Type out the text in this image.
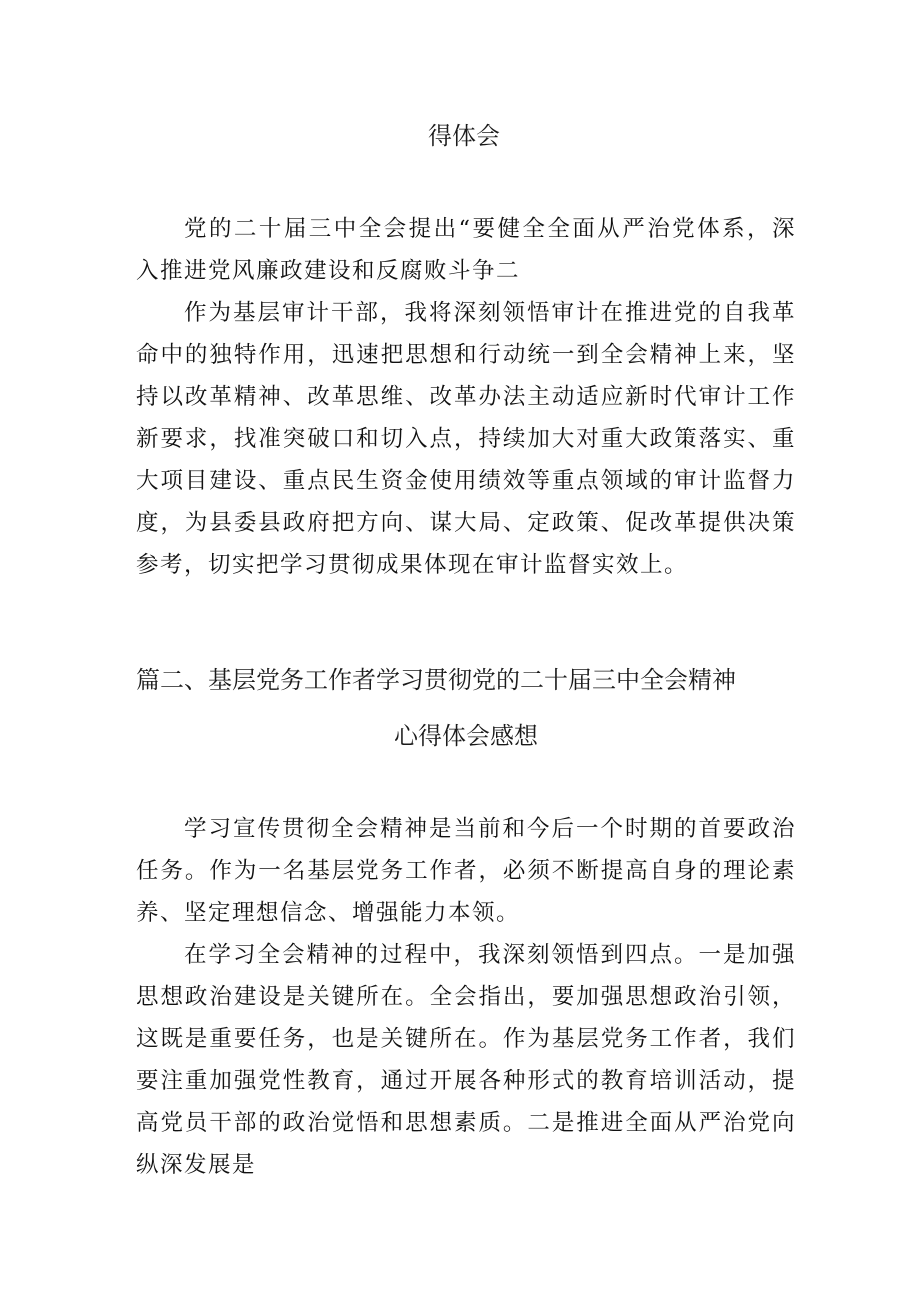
得体会

党的二十届三中全会提出“要健全全面从严治党体系，深入推进党风廉政建设和反腐败斗争二

作为基层审计干部，我将深刻领悟审计在推进党的自我革命中的独特作用，迅速把思想和行动统一到全会精神上来，坚持以改革精神、改革思维、改革办法主动适应新时代审计工作新要求，找准突破口和切入点，持续加大对重大政策落实、重大项目建设、重点民生资金使用绩效等重点领域的审计监督力度，为县委县政府把方向、谋大局、定政策、促改革提供决策参考，切实把学习贯彻成果体现在审计监督实效上。

篇二、基层党务工作者学习贯彻党的二十届三中全会精神
心得体会感想

学习宣传贯彻全会精神是当前和今后一个时期的首要政治任务。作为一名基层党务工作者，必须不断提高自身的理论素养、坚定理想信念、增强能力本领。

在学习全会精神的过程中，我深刻领悟到四点。一是加强思想政治建设是关键所在。全会指出，要加强思想政治引领，这既是重要任务，也是关键所在。作为基层党务工作者，我们要注重加强党性教育，通过开展各种形式的教育培训活动，提高党员干部的政治觉悟和思想素质。二是推进全面从严治党向纵深发展是
